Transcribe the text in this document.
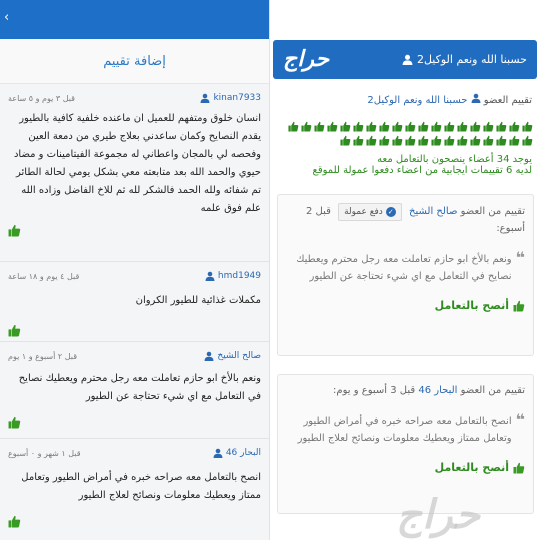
‹
إضافة تقييم
قبل ٣ يوم و ٥ ساعة	kinan7933
انسان خلوق ومتفهم للعميل ان ماعنده خلفية كافية بالطيور يقدم النصايح وكمان ساعدني بعلاج طيري من دمعة العين وفحصه لي بالمجان واعطاني له مجموعة الفيتامينات و مضاد حيوي والحمد الله بعد متابعته معي بشكل يومي لحالة الطائر تم شفائه ولله الحمد فالشكر لله ثم للاخ الفاضل وزاده الله علم فوق علمه
قبل ٤ يوم و ١٨ ساعة	hmd1949
مكملات غذائية للطيور الكروان
قبل ٢ أسبوع و ١ يوم	صالح الشيخ
ونعم بالأخ ابو حازم تعاملت معه رجل محترم ويعطيك نصايح في التعامل مع اي شيء تحتاجة عن الطيور
قبل ١ شهر و ٠ أسبوع	البحار 46
انصح بالتعامل معه صراحه خبره في أمراض الطيور وتعامل ممتاز ويعطيك معلومات ونصائح لعلاج الطيور
حراج	حسبنا الله ونعم الوكيل2
تقييم العضو  حسبنا الله ونعم الوكيل2
يوجد 34 أعضاء ينصحون بالتعامل معه
لديه 6 تقييمات ايجابية من اعضاء دفعوا عمولة للموقع
تقييم من العضو صالح الشيخ
✓
دفع عمولة
قبل 2 أسبوع:
❝
ونعم بالأخ ابو حازم تعاملت معه رجل محترم ويعطيك نصايح في التعامل مع اي شيء تحتاجة عن الطيور
أنصح بالتعامل
تقييم من العضو البحار 46 قبل 3 أسبوع و يوم:
❝
انصح بالتعامل معه صراحه خبره في أمراض الطيور وتعامل ممتاز ويعطيك معلومات ونصائح لعلاج الطيور
أنصح بالتعامل
حراج
